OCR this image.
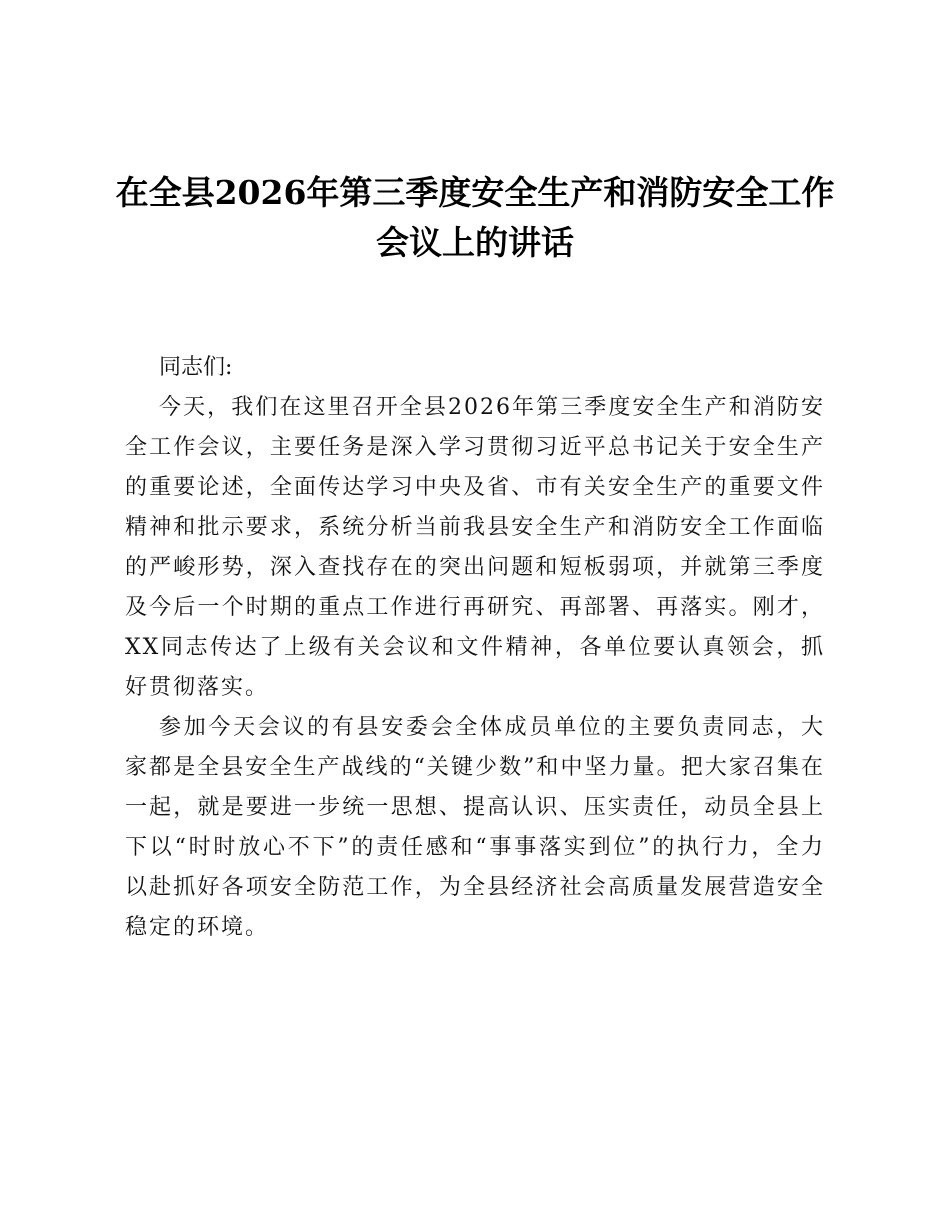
在全县2026年第三季度安全生产和消防安全工作会议上的讲话

同志们:

今天，我们在这里召开全县2026年第三季度安全生产和消防安全工作会议，主要任务是深入学习贯彻习近平总书记关于安全生产的重要论述，全面传达学习中央及省、市有关安全生产的重要文件精神和批示要求，系统分析当前我县安全生产和消防安全工作面临的严峻形势，深入查找存在的突出问题和短板弱项，并就第三季度及今后一个时期的重点工作进行再研究、再部署、再落实。刚才，XX同志传达了上级有关会议和文件精神，各单位要认真领会，抓好贯彻落实。

参加今天会议的有县安委会全体成员单位的主要负责同志，大家都是全县安全生产战线的“关键少数”和中坚力量。把大家召集在一起，就是要进一步统一思想、提高认识、压实责任，动员全县上下以“时时放心不下”的责任感和“事事落实到位”的执行力，全力以赴抓好各项安全防范工作，为全县经济社会高质量发展营造安全稳定的环境。
